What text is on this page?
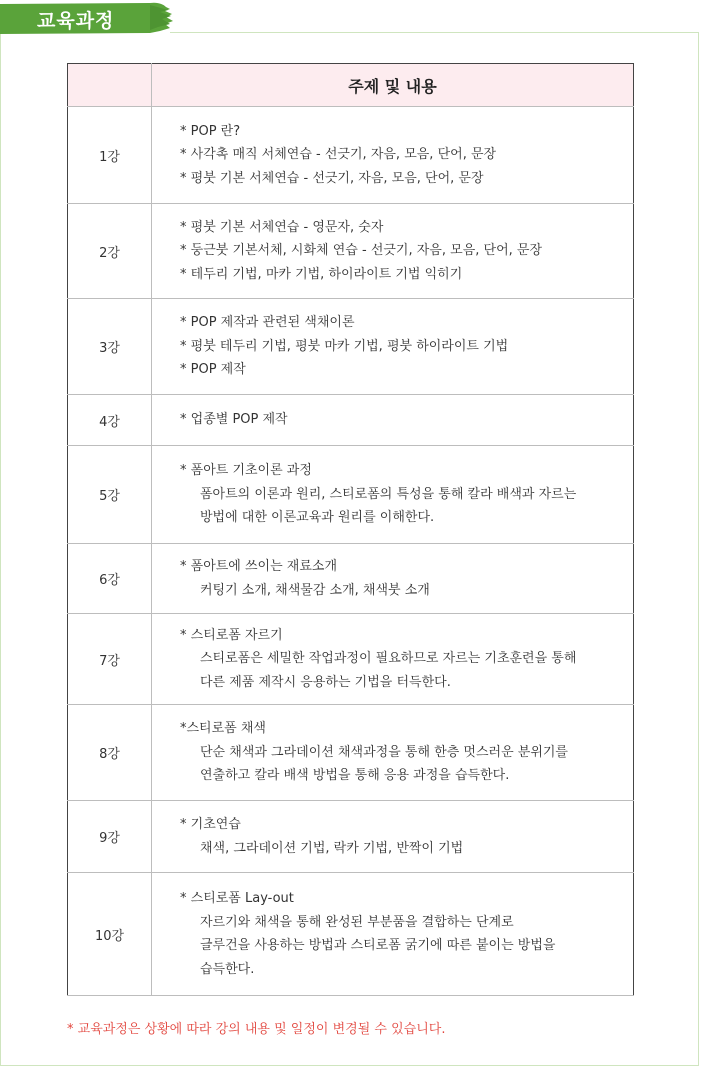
교육과정
	주제 및 내용
1강	* POP 란?
* 사각촉 매직 서체연습 - 선긋기, 자음, 모음, 단어, 문장
* 평붓 기본 서체연습 - 선긋기, 자음, 모음, 단어, 문장

2강	* 평붓 기본 서체연습 - 영문자, 숫자
* 둥근붓 기본서체, 시화체 연습 - 선긋기, 자음, 모음, 단어, 문장
* 테두리 기법, 마카 기법, 하이라이트 기법 익히기

3강	* POP 제작과 관련된 색채이론
* 평붓 테두리 기법, 평붓 마카 기법, 평붓 하이라이트 기법
* POP 제작

4강	* 업종별 POP 제작

5강	* 폼아트 기초이론 과정
폼아트의 이론과 원리, 스티로폼의 특성을 통해 칼라 배색과 자르는
방법에 대한 이론교육과 원리를 이해한다.

6강	* 폼아트에 쓰이는 재료소개
커팅기 소개, 채색물감 소개, 채색붓 소개

7강	* 스티로폼 자르기
스티로폼은 세밀한 작업과정이 필요하므로 자르는 기초훈련을 통해
다른 제품 제작시 응용하는 기법을 터득한다.

8강	*스티로폼 채색
단순 채색과 그라데이션 채색과정을 통해 한층 멋스러운 분위기를
연출하고 칼라 배색 방법을 통해 응용 과정을 습득한다.

9강	* 기초연습
채색, 그라데이션 기법, 락카 기법, 반짝이 기법

10강	* 스티로폼 Lay-out
자르기와 채색을 통해 완성된 부분품을 결합하는 단계로
글루건을 사용하는 방법과 스티로폼 굵기에 따른 붙이는 방법을
습득한다.
* 교육과정은 상황에 따라 강의 내용 및 일정이 변경될 수 있습니다.
